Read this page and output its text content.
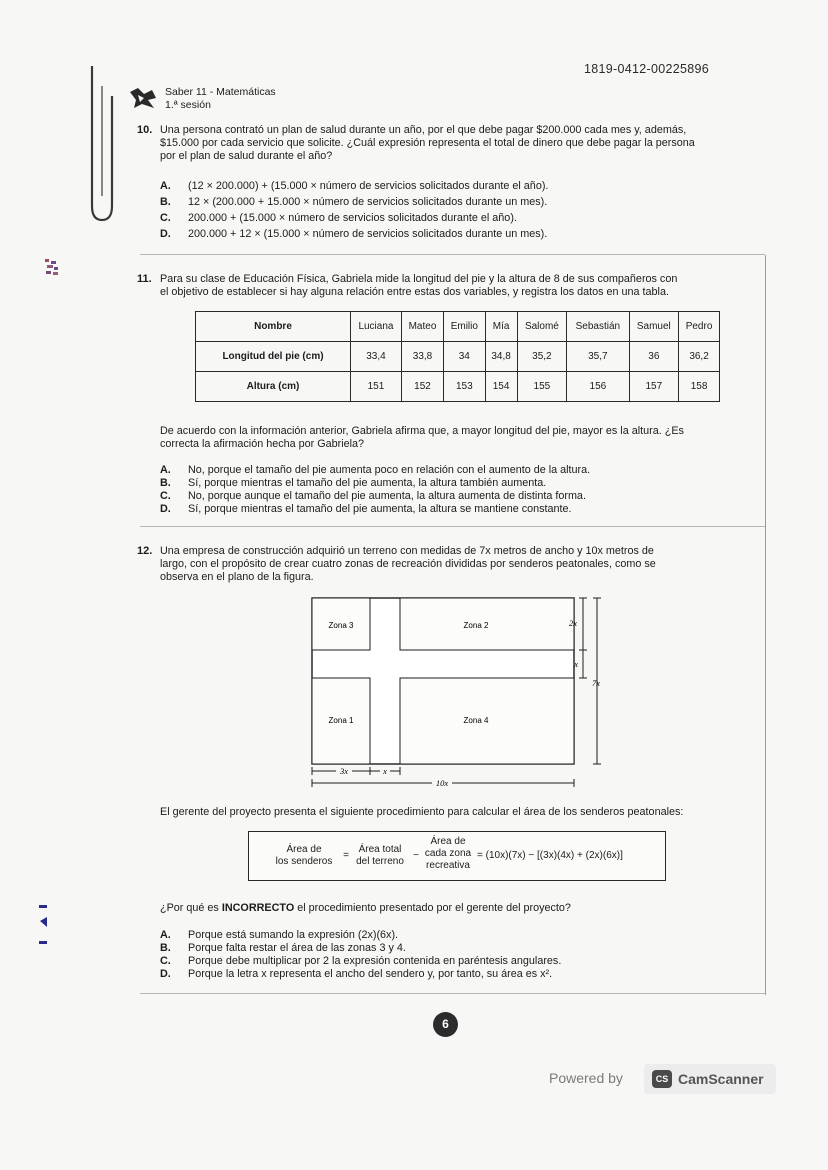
1819-0412-00225896
Saber 11 - Matemáticas
1.ª sesión
10. Una persona contrató un plan de salud durante un año, por el que debe pagar $200.000 cada mes y, además,
$15.000 por cada servicio que solicite. ¿Cuál expresión representa el total de dinero que debe pagar la persona
por el plan de salud durante el año?
A. (12 × 200.000) + (15.000 × número de servicios solicitados durante el año).
B. 12 × (200.000 + 15.000 × número de servicios solicitados durante un mes).
C. 200.000 + (15.000 × número de servicios solicitados durante el año).
D. 200.000 + 12 × (15.000 × número de servicios solicitados durante un mes).
11. Para su clase de Educación Física, Gabriela mide la longitud del pie y la altura de 8 de sus compañeros con
el objetivo de establecer si hay alguna relación entre estas dos variables, y registra los datos en una tabla.
Nombre	Luciana	Mateo	Emilio	Mía	Salomé	Sebastián	Samuel	Pedro
Longitud del pie (cm)	33,4	33,8	34	34,8	35,2	35,7	36	36,2
Altura (cm)	151	152	153	154	155	156	157	158
De acuerdo con la información anterior, Gabriela afirma que, a mayor longitud del pie, mayor es la altura. ¿Es
correcta la afirmación hecha por Gabriela?
A. No, porque el tamaño del pie aumenta poco en relación con el aumento de la altura.
B. Sí, porque mientras el tamaño del pie aumenta, la altura también aumenta.
C. No, porque aunque el tamaño del pie aumenta, la altura aumenta de distinta forma.
D. Sí, porque mientras el tamaño del pie aumenta, la altura se mantiene constante.
12. Una empresa de construcción adquirió un terreno con medidas de 7x metros de ancho y 10x metros de
largo, con el propósito de crear cuatro zonas de recreación divididas por senderos peatonales, como se
observa en el plano de la figura.
Zona 3	Zona 2
Zona 1	Zona 4
2x
x
7x
3x	x
10x
El gerente del proyecto presenta el siguiente procedimiento para calcular el área de los senderos peatonales:
Área de
los senderos
=
Área total
del terreno
−
Área de
cada zona
recreativa
= (10x)(7x) − [(3x)(4x) + (2x)(6x)]
¿Por qué es INCORRECTO el procedimiento presentado por el gerente del proyecto?
A. Porque está sumando la expresión (2x)(6x).
B. Porque falta restar el área de las zonas 3 y 4.
C. Porque debe multiplicar por 2 la expresión contenida en paréntesis angulares.
D. Porque la letra x representa el ancho del sendero y, por tanto, su área es x².
6
Powered by	CS CamScanner
